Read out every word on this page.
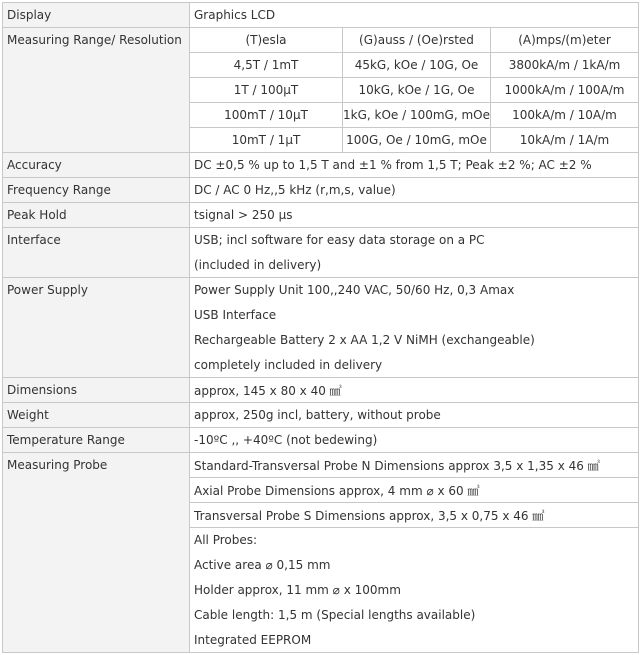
Display	Graphics LCD		
Measuring Range/ Resolution	(T)esla	(G)auss / (Oe)rsted	(A)mps/(m)eter
	4,5T / 1mT	45kG, kOe / 10G, Oe	3800kA/m / 1kA/m
	1T / 100µT	10kG, kOe / 1G, Oe	1000kA/m / 100A/m
	100mT / 10µT	1kG, kOe / 100mG, mOe	100kA/m / 10A/m
	10mT / 1µT	100G, Oe / 10mG, mOe	10kA/m / 1A/m
Accuracy	DC ±0,5 % up to 1,5 T and ±1 % from 1,5 T; Peak ±2 %; AC ±2 %		
Frequency Range	DC / AC 0 Hz,,5 kHz (r,m,s, value)		
Peak Hold	tsignal > 250 µs		
Interface	USB; incl software for easy data storage on a PC		
	(included in delivery)		
Power Supply	Power Supply Unit 100,,240 VAC, 50/60 Hz, 0,3 Amax		
	USB Interface		
	Rechargeable Battery 2 x AA 1,2 V NiMH (exchangeable)		
	completely included in delivery		
Dimensions	approx, 145 x 80 x 40 ㎣		
Weight	approx, 250g incl, battery, without probe		
Temperature Range	-10ºC ,, +40ºC (not bedewing)		
Measuring Probe	Standard-Transversal Probe N Dimensions approx 3,5 x 1,35 x 46 ㎣		
	Axial Probe Dimensions approx, 4 mm ⌀ x 60 ㎣		
	Transversal Probe S Dimensions approx, 3,5 x 0,75 x 46 ㎣		
	All Probes:		
	Active area ⌀ 0,15 mm		
	Holder approx, 11 mm ⌀ x 100mm		
	Cable length: 1,5 m (Special lengths available)		
	Integrated EEPROM		
